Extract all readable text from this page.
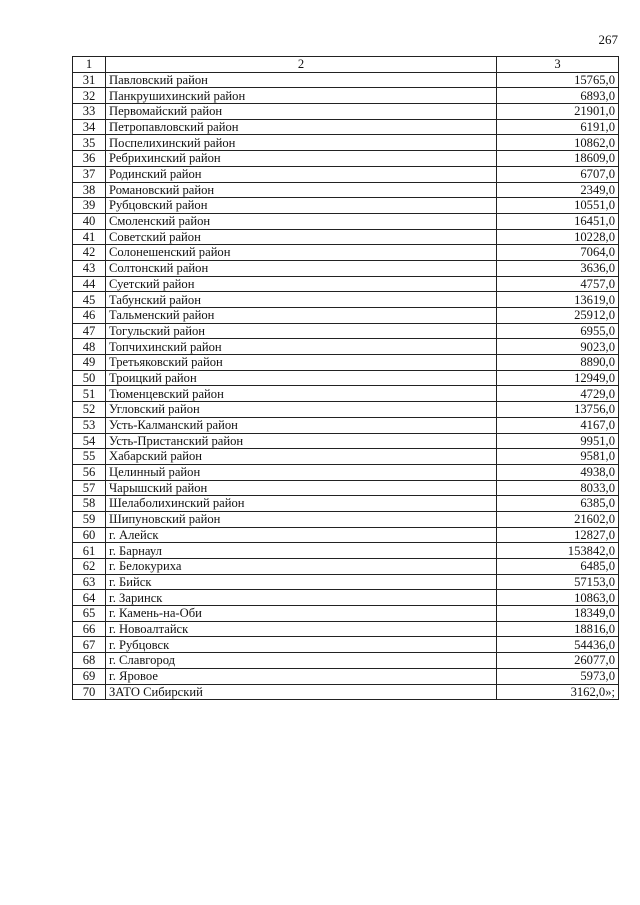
267
1	2	3
31	Павловский район	15765,0
32	Панкрушихинский район	6893,0
33	Первомайский район	21901,0
34	Петропавловский район	6191,0
35	Поспелихинский район	10862,0
36	Ребрихинский район	18609,0
37	Родинский район	6707,0
38	Романовский район	2349,0
39	Рубцовский район	10551,0
40	Смоленский район	16451,0
41	Советский район	10228,0
42	Солонешенский район	7064,0
43	Солтонский район	3636,0
44	Суетский район	4757,0
45	Табунский район	13619,0
46	Тальменский район	25912,0
47	Тогульский район	6955,0
48	Топчихинский район	9023,0
49	Третьяковский район	8890,0
50	Троицкий район	12949,0
51	Тюменцевский район	4729,0
52	Угловский район	13756,0
53	Усть-Калманский район	4167,0
54	Усть-Пристанский район	9951,0
55	Хабарский район	9581,0
56	Целинный район	4938,0
57	Чарышский район	8033,0
58	Шелаболихинский район	6385,0
59	Шипуновский район	21602,0
60	г. Алейск	12827,0
61	г. Барнаул	153842,0
62	г. Белокуриха	6485,0
63	г. Бийск	57153,0
64	г. Заринск	10863,0
65	г. Камень-на-Оби	18349,0
66	г. Новоалтайск	18816,0
67	г. Рубцовск	54436,0
68	г. Славгород	26077,0
69	г. Яровое	5973,0
70	ЗАТО Сибирский	3162,0»;
